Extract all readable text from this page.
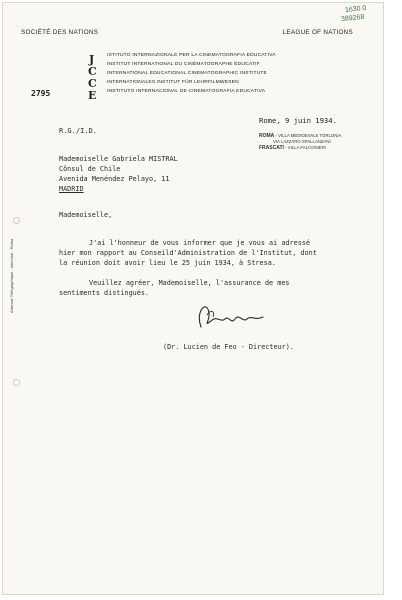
SOCIÉTÉ DES NATIONS	LEAGUE OF NATIONS
1630 0
389268
J
C
C
E
ISTITUTO INTERNAZIONALE PER LA CINEMATOGRAFIA EDUCATIVA
INSTITUT INTERNATIONAL DU CINÉMATOGRAPHE ÉDUCATIF
INTERNATIONAL EDUCATIONAL CINEMATOGRAPHIC INSTITUTE
INTERNATIONALES INSTITUT FÜR LEHRFILMWESEN
INSTITUTO INTERNACIONAL DE CINEMATOGRAFIA EDUCATIVA
2795
Rome, 9 juin 1934.
ROMA - VILLA MEDIOEVALE TORLONIA
VIA LAZZARO SPALLANZANI
FRASCATI - VILLA FALCONIERI
R.G./I.D.
Mademoiselle Gabriela MISTRAL
Cônsul de Chile
Avenida Menéndez Pelayo, 11
MADRID
Mademoiselle,
J'ai l'honneur de vous informer que je vous ai adressé
hier mon rapport au Conseild'Administration de l'Institut, dont
la réunion doit avoir lieu le 25 juin 1934, à Stresa.
Veuillez agréer, Mademoiselle, l'assurance de mes
sentiments distingués.
(Dr. Lucien de Feo - Directeur).
Adresse Télégraphique - Intercine - Roma
